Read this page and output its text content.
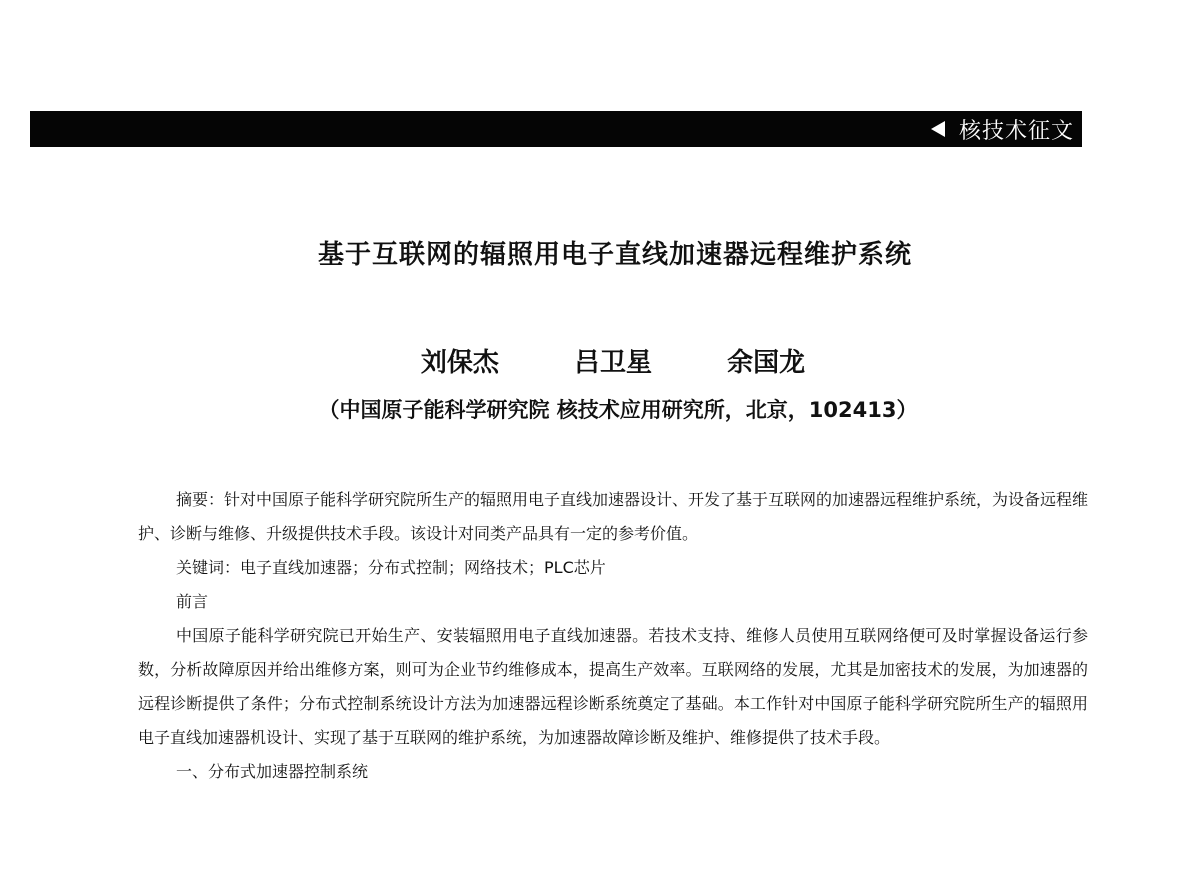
核技术征文
基于互联网的辐照用电子直线加速器远程维护系统
刘保杰   吕卫星   余国龙
（中国原子能科学研究院 核技术应用研究所，北京，102413）

摘要：针对中国原子能科学研究院所生产的辐照用电子直线加速器设计、开发了基于互联网的加速器远程维护系统，为设备远程维护、诊断与维修、升级提供技术手段。该设计对同类产品具有一定的参考价值。

关键词：电子直线加速器；分布式控制；网络技术；PLC芯片

前言

中国原子能科学研究院已开始生产、安装辐照用电子直线加速器。若技术支持、维修人员使用互联网络便可及时掌握设备运行参数，分析故障原因并给出维修方案，则可为企业节约维修成本，提高生产效率。互联网络的发展，尤其是加密技术的发展，为加速器的远程诊断提供了条件；分布式控制系统设计方法为加速器远程诊断系统奠定了基础。本工作针对中国原子能科学研究院所生产的辐照用电子直线加速器机设计、实现了基于互联网的维护系统，为加速器故障诊断及维护、维修提供了技术手段。

一、分布式加速器控制系统
